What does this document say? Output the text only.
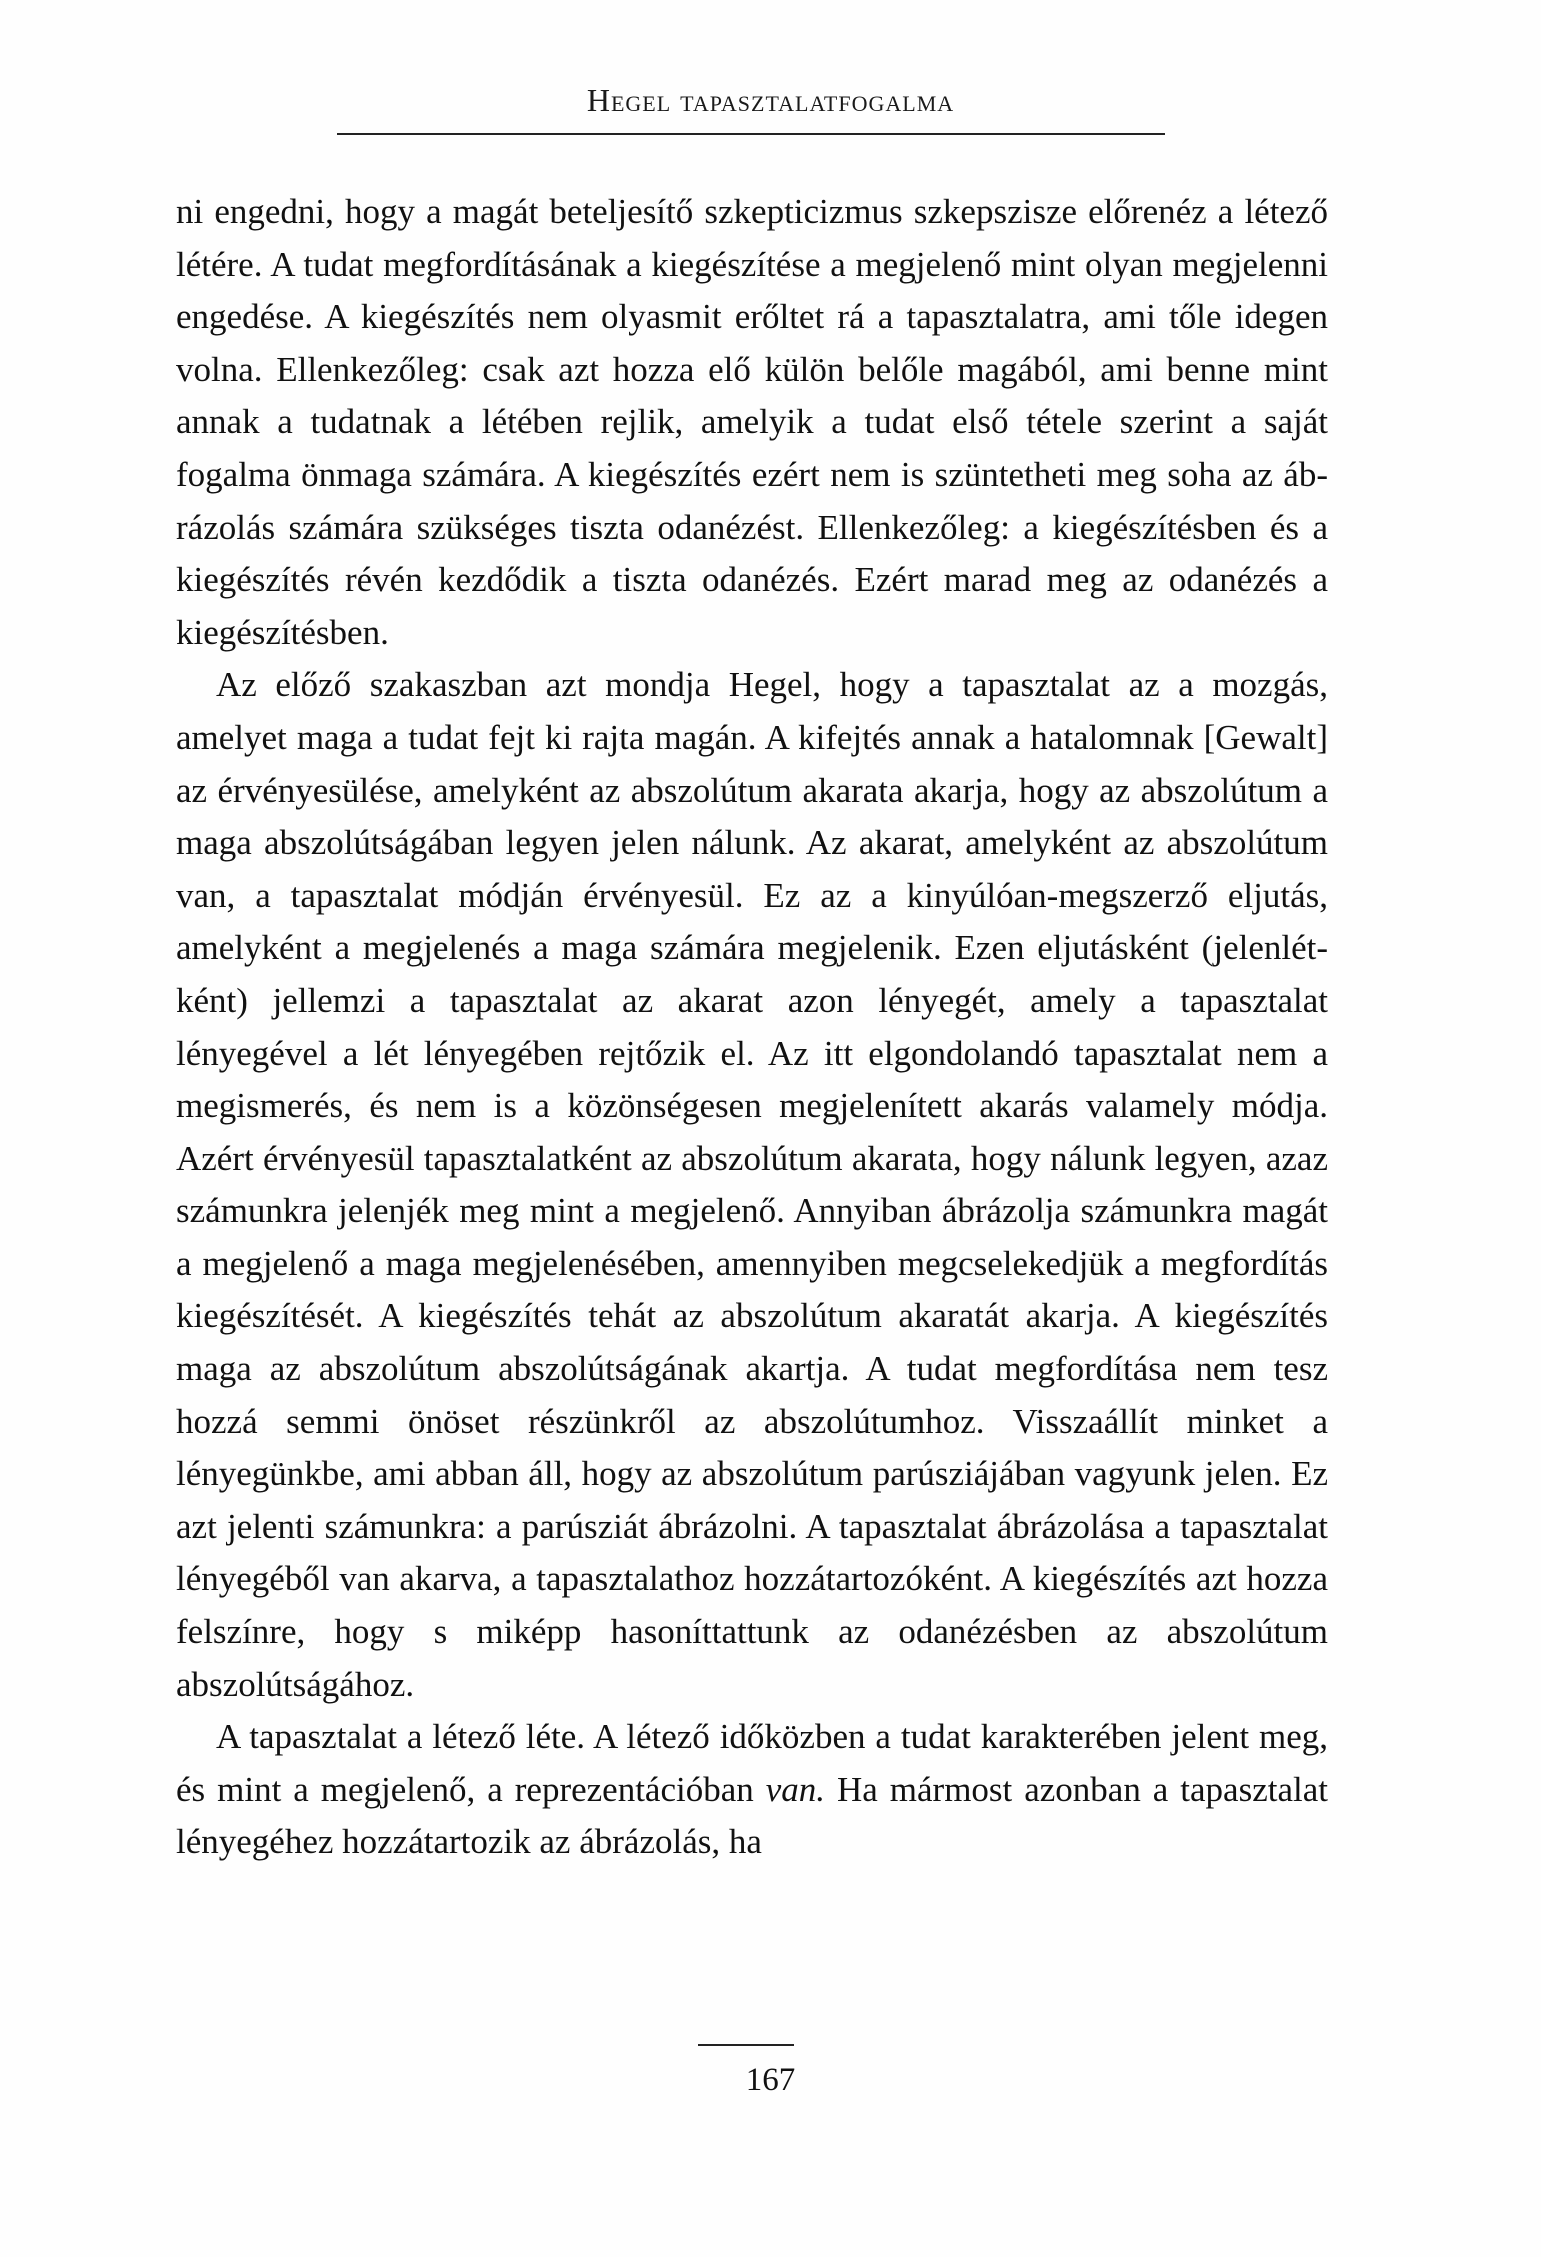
Hegel tapasztalatfogalma

ni engedni, hogy a magát beteljesítő szkepticizmus szkepszisze előrenéz a létező létére. A tudat megfordításának a kiegészítése a megjelenő mint olyan megjelenni engedése. A kiegészítés nem olyasmit erőltet rá a tapasztalatra, ami tőle idegen volna. Ellenkezőleg: csak azt hozza elő külön belőle magából, ami benne mint annak a tudatnak a létében rejlik, amelyik a tudat első tétele szerint a saját fogalma önmaga számára. A kiegészítés ezért nem is szüntetheti meg soha az ábrázolás számára szükséges tiszta odanézést. Ellenkezőleg: a kiegészítésben és a kiegészítés révén kezdődik a tiszta odanézés. Ezért marad meg az odanézés a kiegészítésben.

Az előző szakaszban azt mondja Hegel, hogy a tapasztalat az a mozgás, amelyet maga a tudat fejt ki rajta magán. A kifejtés annak a hatalomnak [Gewalt] az érvényesülése, amelyként az abszolútum akarata akarja, hogy az abszolútum a maga abszolútságában legyen jelen nálunk. Az akarat, amelyként az abszolútum van, a tapasztalat módján érvényesül. Ez az a kinyúlóan-megszerző eljutás, amelyként a megjelenés a maga számára megjelenik. Ezen eljutásként (jelenlétként) jellemzi a tapasztalat az akarat azon lényegét, amely a tapasztalat lényegével a lét lényegében rejtőzik el. Az itt elgondolandó tapasztalat nem a megismerés, és nem is a közönségesen megjelenített akarás valamely módja. Azért érvényesül tapasztalatként az abszolútum akarata, hogy nálunk legyen, azaz számunkra jelenjék meg mint a megjelenő. Annyiban ábrázolja számunkra magát a megjelenő a maga megjelenésében, amennyiben megcselekedjük a megfordítás kiegészítését. A kiegészítés tehát az abszolútum akaratát akarja. A kiegészítés maga az abszolútum abszolútságának akartja. A tudat megfordítása nem tesz hozzá semmi önöset részünkről az abszolútumhoz. Visszaállít minket a lényegünkbe, ami abban áll, hogy az abszolútum parúsziájában vagyunk jelen. Ez azt jelenti számunkra: a parúsziát ábrázolni. A tapasztalat ábrázolása a tapasztalat lényegéből van akarva, a tapasztalathoz hozzátartozóként. A kiegészítés azt hozza felszínre, hogy s miképp hasoníttattunk az odanézésben az abszolútum abszolútságához.

A tapasztalat a létező léte. A létező időközben a tudat karakterében jelent meg, és mint a megjelenő, a reprezentációban van. Ha mármost azonban a tapasztalat lényegéhez hozzátartozik az ábrázolás, ha

167
